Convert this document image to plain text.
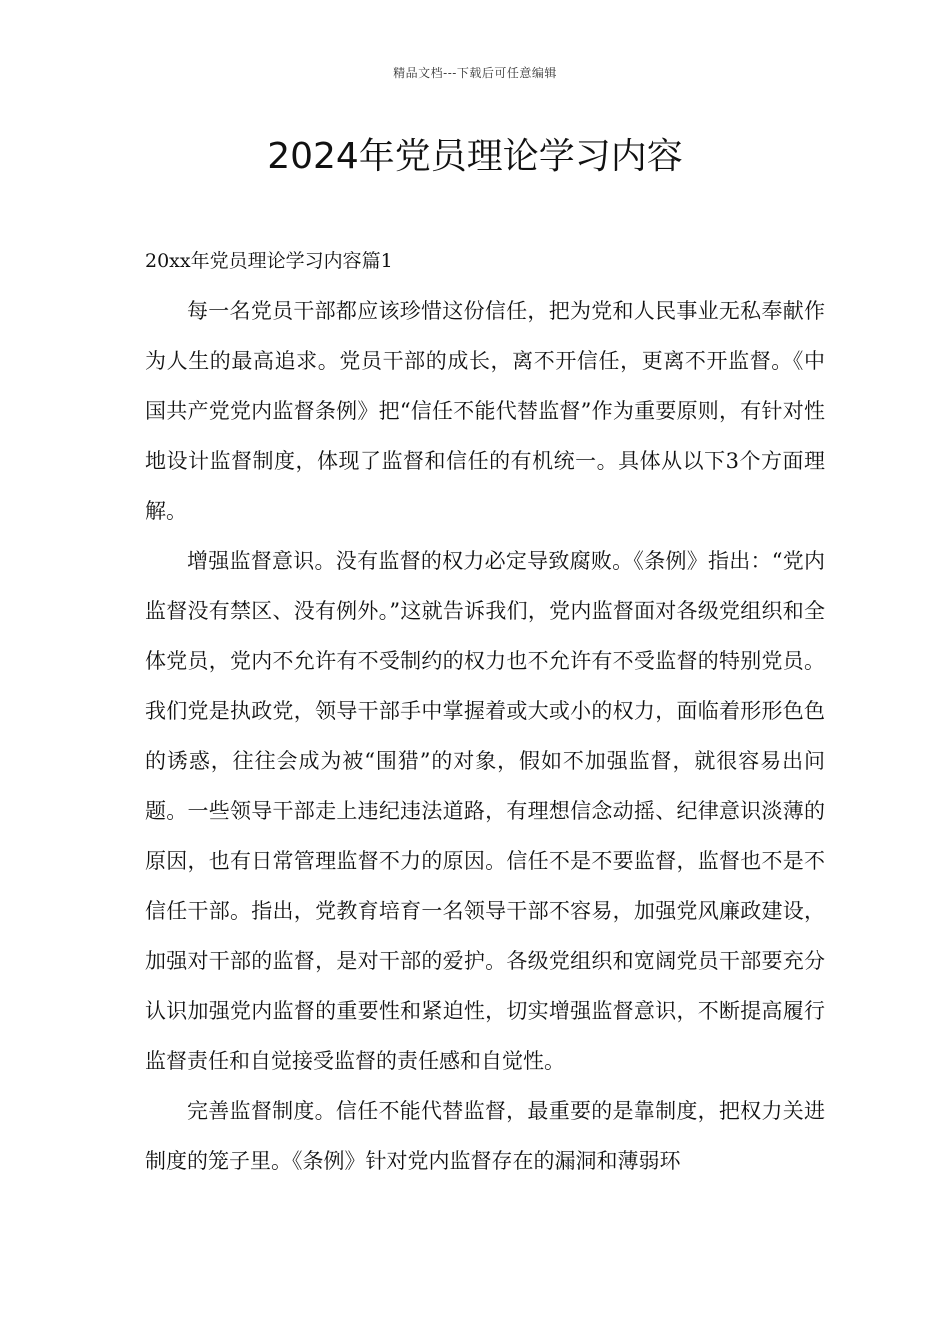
精品文档---下载后可任意编辑
2024年党员理论学习内容

20xx年党员理论学习内容篇1

每一名党员干部都应该珍惜这份信任，把为党和人民事业无私奉献作为人生的最高追求。党员干部的成长，离不开信任，更离不开监督。《中国共产党党内监督条例》把“信任不能代替监督”作为重要原则，有针对性地设计监督制度，体现了监督和信任的有机统一。具体从以下3个方面理解。

增强监督意识。没有监督的权力必定导致腐败。《条例》指出：“党内监督没有禁区、没有例外。”这就告诉我们，党内监督面对各级党组织和全体党员，党内不允许有不受制约的权力也不允许有不受监督的特别党员。我们党是执政党，领导干部手中掌握着或大或小的权力，面临着形形色色的诱惑，往往会成为被“围猎”的对象，假如不加强监督，就很容易出问题。一些领导干部走上违纪违法道路，有理想信念动摇、纪律意识淡薄的原因，也有日常管理监督不力的原因。信任不是不要监督，监督也不是不信任干部。指出，党教育培育一名领导干部不容易，加强党风廉政建设，加强对干部的监督，是对干部的爱护。各级党组织和宽阔党员干部要充分认识加强党内监督的重要性和紧迫性，切实增强监督意识，不断提高履行监督责任和自觉接受监督的责任感和自觉性。

完善监督制度。信任不能代替监督，最重要的是靠制度，把权力关进制度的笼子里。《条例》针对党内监督存在的漏洞和薄弱环
